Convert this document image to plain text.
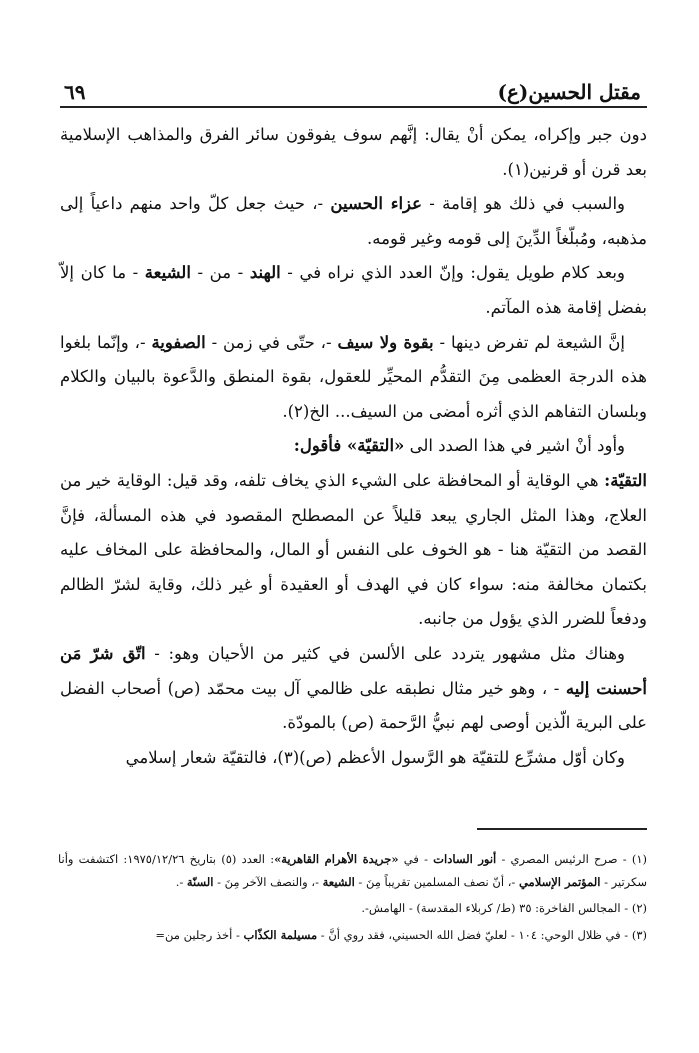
مقتل الحسين(ع)
٦٩

دون جبر وإكراه، يمكن أنْ يقال: إنَّهم سوف يفوقون سائر الفرق والمذاهب الإسلامية بعد قرن أو قرنين(١).

والسبب في ذلك هو إقامة - عزاء الحسين -، حيث جعل كلّ واحد منهم داعياً إلى مذهبه، ومُبلّغاً الدِّينَ إلى قومه وغير قومه.

وبعد كلام طويل يقول: وإنّ العدد الذي نراه في - الهند - من - الشيعة - ما كان إلاّ بفضل إقامة هذه المآتم.

إنَّ الشيعة لم تفرض دينها - بقوة ولا سيف -، حتّى في زمن - الصفوية -، وإنّما بلغوا هذه الدرجة العظمى مِنَ التقدُّم المحيِّر للعقول، بقوة المنطق والدَّعوة بالبيان والكلام وبلسان التفاهم الذي أثره أمضى من السيف... الخ(٢).

وأود أنْ اشير في هذا الصدد الى «التقيّة» فأقول:

التقيّة: هي الوقاية أو المحافظة على الشيء الذي يخاف تلفه، وقد قيل: الوقاية خير من العلاج، وهذا المثل الجاري يبعد قليلاً عن المصطلح المقصود في هذه المسألة، فإنَّ القصد من التقيّة هنا - هو الخوف على النفس أو المال، والمحافظة على المخاف عليه بكتمان مخالفة منه: سواء كان في الهدف أو العقيدة أو غير ذلك، وقاية لشرّ الظالم ودفعاً للضرر الذي يؤول من جانبه.

وهناك مثل مشهور يتردد على الألسن في كثير من الأحيان وهو: - اتّق شرّ مَن أحسنت إليه - ، وهو خير مثال نطبقه على ظالمي آل بيت محمّد (ص) أصحاب الفضل على البرية الّذين أوصى لهم نبيُّ الرَّحمة (ص) بالمودّة.

وكان أوّل مشرِّع للتقيّة هو الرَّسول الأعظم (ص)(٣)، فالتقيّة شعار إسلامي

(١) - صرح الرئيس المصري - أنور السادات - في «جريدة الأهرام القاهرية»: العدد (٥) بتاريخ ١٩٧٥/١٢/٢٦: اكتشفت وأنا سكرتير - المؤتمر الإسلامي -، أنّ نصف المسلمين تقريباً مِنَ - الشيعة -، والنصف الآخر مِنَ - السنّة -.

(٢) - المجالس الفاخرة: ٣٥ (ط/ كربلاء المقدسة) - الهامش-.

(٣) - في ظلال الوحي: ١٠٤ - لعليّ فضل الله الحسيني، فقد روي أنَّ - مسيلمة الكذّاب - أخذ رجلين من=
